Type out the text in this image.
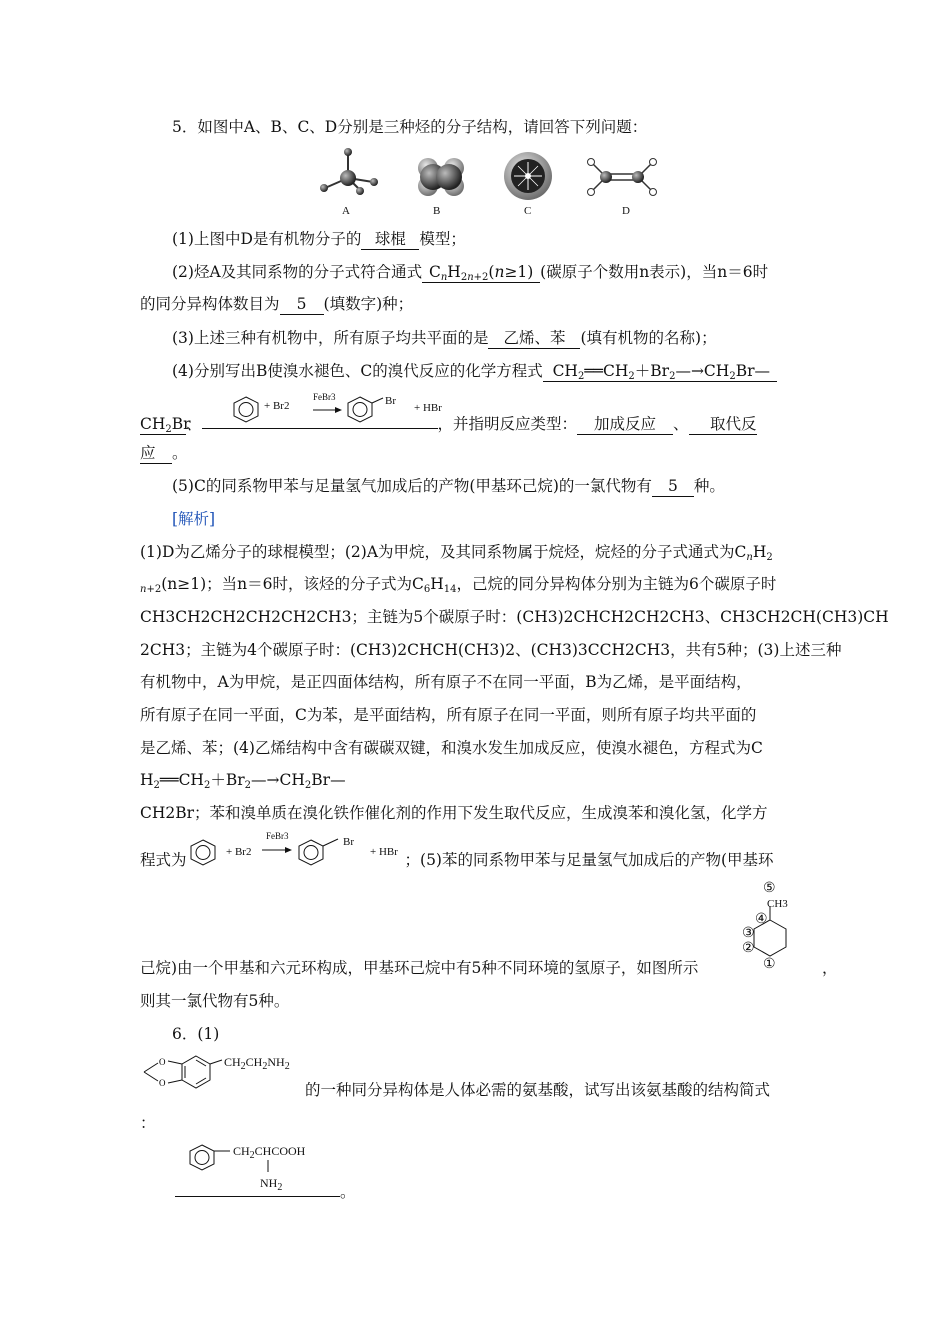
5．如图中A、B、C、D分别是三种烃的分子结构，请回答下列问题：
A	B	C	D
(1)上图中D是有机物分子的 球棍 模型；
(2)烃A及其同系物的分子式符合通式 $C_nH_{2n+2}(n\ge 1)$ (碳原子个数用n表示)，当n＝6时
的同分异构体数目为 5 (填数字)种；
(3)上述三种有机物中，所有原子均共平面的是 乙烯、苯 (填有机物的名称)；
(4)分别写出B使溴水褪色、C的溴代反应的化学方程式  $CH_2══CH_2+Br_2—\to CH_2Br—$
$CH_2Br$、	，并指明反应类型： 加成反应 、 取代反
应 。
+ Br2
FeBr3	Br
+ HBr
(5)C的同系物甲苯与足量氢气加成后的产物(甲基环己烷)的一氯代物有 5 种。
[解析]
(1)D为乙烯分子的球棍模型；(2)A为甲烷，及其同系物属于烷烃，烷烃的分子式通式为$C_nH_2$
$_{n+2}$(n≥1)；当n＝6时，该烃的分子式为$C_6H_{14}$，己烷的同分异构体分别为主链为6个碳原子时
CH3CH2CH2CH2CH2CH3；主链为5个碳原子时：(CH3)2CHCH2CH2CH3、CH3CH2CH(CH3)CH
2CH3；主链为4个碳原子时：(CH3)2CHCH(CH3)2、(CH3)3CCH2CH3，共有5种；(3)上述三种
有机物中，A为甲烷，是正四面体结构，所有原子不在同一平面，B为乙烯，是平面结构，
所有原子在同一平面，C为苯，是平面结构，所有原子在同一平面，则所有原子均共平面的
是乙烯、苯；(4)乙烯结构中含有碳碳双键，和溴水发生加成反应，使溴水褪色，方程式为C
$H_2══CH_2+Br_2—\to CH_2Br—$
CH2Br；苯和溴单质在溴化铁作催化剂的作用下发生取代反应，生成溴苯和溴化氢，化学方
程式为	；(5)苯的同系物甲苯与足量氢气加成后的产物(甲基环
+ Br2
FeBr3	Br
+ HBr
⑤
CH3
④
③
②
①
己烷)由一个甲基和六元环构成，甲基环己烷中有5种不同环境的氢原子，如图所示	，
则其一氯代物有5种。
6．(1)
O
O
$CH_2CH_2NH_2$
的一种同分异构体是人体必需的氨基酸，试写出该氨基酸的结构简式
：
$CH_2CHCOOH$
$NH_2$	。
